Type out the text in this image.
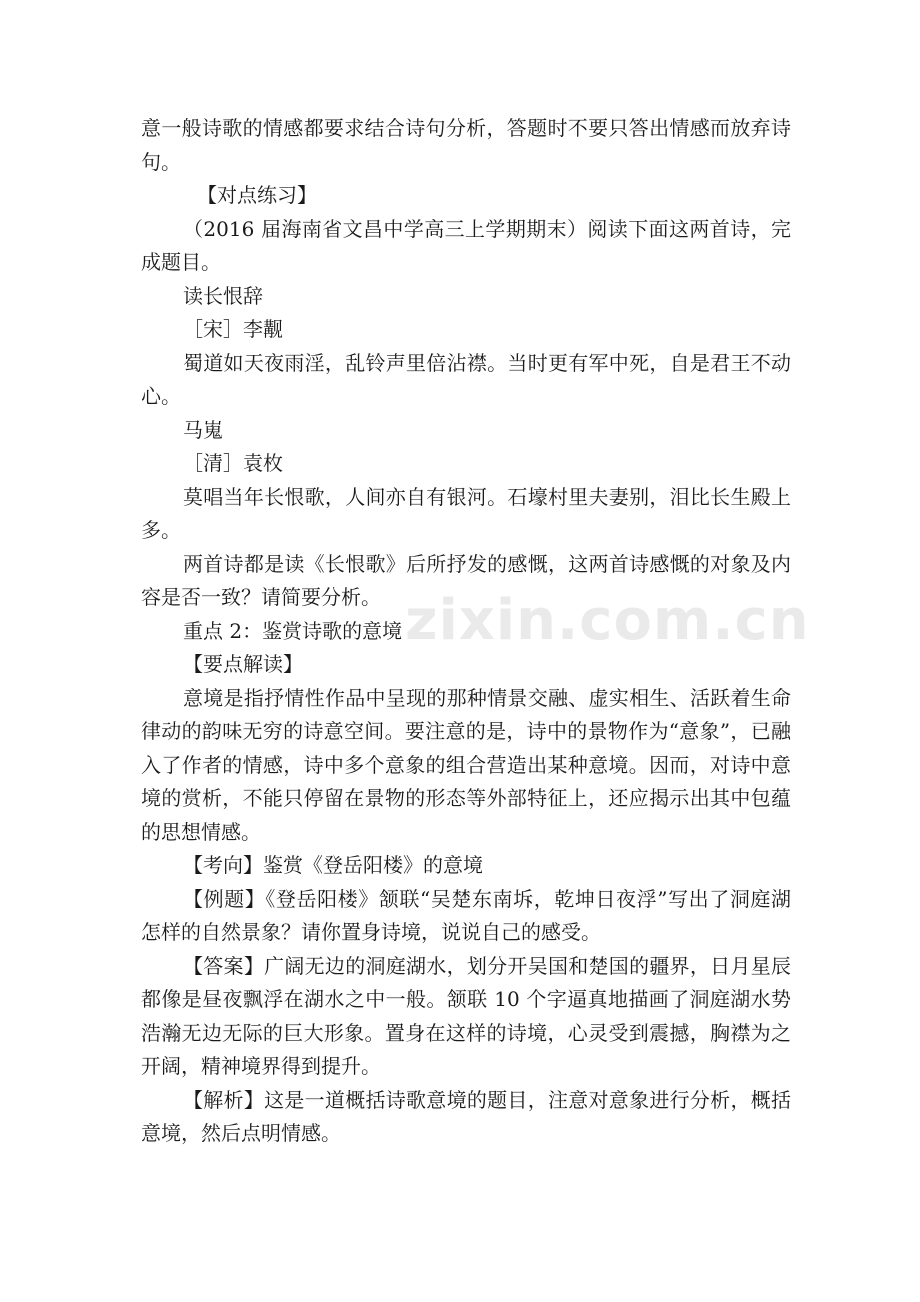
意一般诗歌的情感都要求结合诗句分析，答题时不要只答出情感而放弃诗句。

【对点练习】

（2016 届海南省文昌中学高三上学期期末）阅读下面这两首诗，完成题目。

读长恨辞

［宋］李觏

蜀道如天夜雨淫，乱铃声里倍沾襟。当时更有军中死，自是君王不动心。

马嵬

［清］袁枚

莫唱当年长恨歌，人间亦自有银河。石壕村里夫妻别，泪比长生殿上多。

两首诗都是读《长恨歌》后所抒发的感慨，这两首诗感慨的对象及内容是否一致？请简要分析。

重点 2：鉴赏诗歌的意境

【要点解读】

意境是指抒情性作品中呈现的那种情景交融、虚实相生、活跃着生命律动的韵味无穷的诗意空间。要注意的是，诗中的景物作为“意象”，已融入了作者的情感，诗中多个意象的组合营造出某种意境。因而，对诗中意境的赏析，不能只停留在景物的形态等外部特征上，还应揭示出其中包蕴的思想情感。

【考向】鉴赏《登岳阳楼》的意境

【例题】《登岳阳楼》颔联“吴楚东南坼，乾坤日夜浮”写出了洞庭湖怎样的自然景象？请你置身诗境，说说自己的感受。

【答案】广阔无边的洞庭湖水，划分开吴国和楚国的疆界，日月星辰都像是昼夜飘浮在湖水之中一般。颔联 10 个字逼真地描画了洞庭湖水势浩瀚无边无际的巨大形象。置身在这样的诗境，心灵受到震撼，胸襟为之开阔，精神境界得到提升。

【解析】这是一道概括诗歌意境的题目，注意对意象进行分析，概括意境，然后点明情感。

zixin.com.cn
